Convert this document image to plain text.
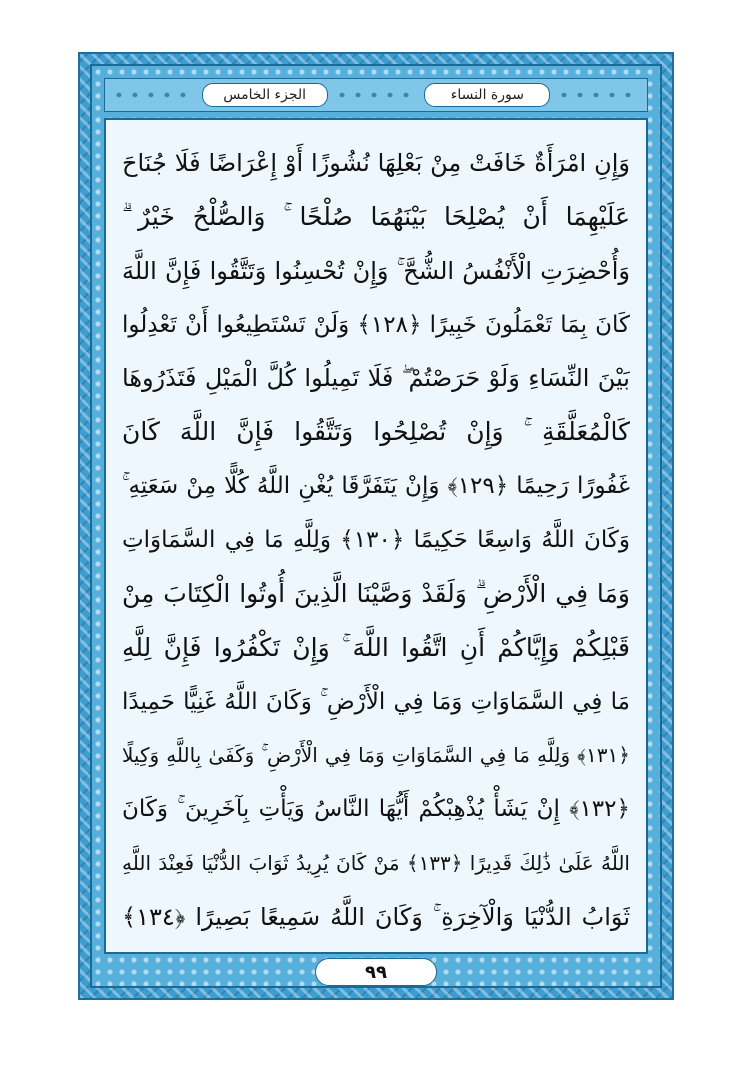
الجزء الخامس	سورة النساء
وَإِنِ امْرَأَةٌ خَافَتْ مِنْ بَعْلِهَا نُشُوزًا أَوْ إِعْرَاضًا فَلَا جُنَاحَ
عَلَيْهِمَا أَنْ يُصْلِحَا بَيْنَهُمَا صُلْحًا ۚ وَالصُّلْحُ خَيْرٌ ۗ
وَأُحْضِرَتِ الْأَنْفُسُ الشُّحَّ ۚ وَإِنْ تُحْسِنُوا وَتَتَّقُوا فَإِنَّ اللَّهَ
كَانَ بِمَا تَعْمَلُونَ خَبِيرًا ﴿١٢٨﴾ وَلَنْ تَسْتَطِيعُوا أَنْ تَعْدِلُوا
بَيْنَ النِّسَاءِ وَلَوْ حَرَصْتُمْ ۖ فَلَا تَمِيلُوا كُلَّ الْمَيْلِ فَتَذَرُوهَا
كَالْمُعَلَّقَةِ ۚ وَإِنْ تُصْلِحُوا وَتَتَّقُوا فَإِنَّ اللَّهَ كَانَ
غَفُورًا رَحِيمًا ﴿١٢٩﴾ وَإِنْ يَتَفَرَّقَا يُغْنِ اللَّهُ كُلًّا مِنْ سَعَتِهِ ۚ
وَكَانَ اللَّهُ وَاسِعًا حَكِيمًا ﴿١٣٠﴾ وَلِلَّهِ مَا فِي السَّمَاوَاتِ
وَمَا فِي الْأَرْضِ ۗ وَلَقَدْ وَصَّيْنَا الَّذِينَ أُوتُوا الْكِتَابَ مِنْ
قَبْلِكُمْ وَإِيَّاكُمْ أَنِ اتَّقُوا اللَّهَ ۚ وَإِنْ تَكْفُرُوا فَإِنَّ لِلَّهِ
مَا فِي السَّمَاوَاتِ وَمَا فِي الْأَرْضِ ۚ وَكَانَ اللَّهُ غَنِيًّا حَمِيدًا
﴿١٣١﴾ وَلِلَّهِ مَا فِي السَّمَاوَاتِ وَمَا فِي الْأَرْضِ ۚ وَكَفَىٰ بِاللَّهِ وَكِيلًا
﴿١٣٢﴾ إِنْ يَشَأْ يُذْهِبْكُمْ أَيُّهَا النَّاسُ وَيَأْتِ بِآخَرِينَ ۚ وَكَانَ
اللَّهُ عَلَىٰ ذَٰلِكَ قَدِيرًا ﴿١٣٣﴾ مَنْ كَانَ يُرِيدُ ثَوَابَ الدُّنْيَا فَعِنْدَ اللَّهِ
ثَوَابُ الدُّنْيَا وَالْآخِرَةِ ۚ وَكَانَ اللَّهُ سَمِيعًا بَصِيرًا ﴿١٣٤﴾
٩٩
